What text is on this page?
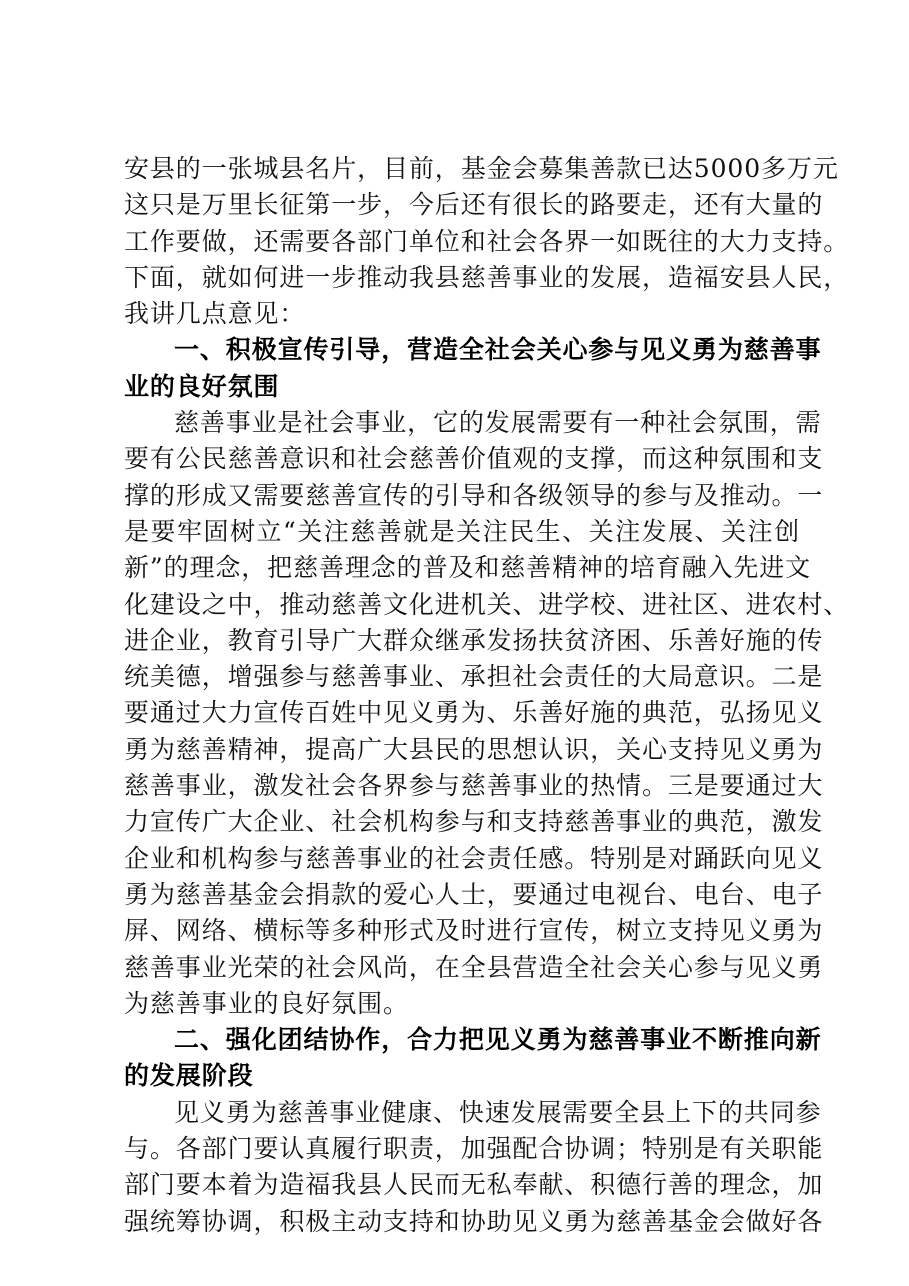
安县的一张城县名片，目前，基金会募集善款已达5000多万元
这只是万里长征第一步，今后还有很长的路要走，还有大量的
工作要做，还需要各部门单位和社会各界一如既往的大力支持。
下面，就如何进一步推动我县慈善事业的发展，造福安县人民，
我讲几点意见：
一、积极宣传引导，营造全社会关心参与见义勇为慈善事
业的良好氛围
慈善事业是社会事业，它的发展需要有一种社会氛围，需
要有公民慈善意识和社会慈善价值观的支撑，而这种氛围和支
撑的形成又需要慈善宣传的引导和各级领导的参与及推动。一
是要牢固树立“关注慈善就是关注民生、关注发展、关注创
新”的理念，把慈善理念的普及和慈善精神的培育融入先进文
化建设之中，推动慈善文化进机关、进学校、进社区、进农村、
进企业，教育引导广大群众继承发扬扶贫济困、乐善好施的传
统美德，增强参与慈善事业、承担社会责任的大局意识。二是
要通过大力宣传百姓中见义勇为、乐善好施的典范，弘扬见义
勇为慈善精神，提高广大县民的思想认识，关心支持见义勇为
慈善事业，激发社会各界参与慈善事业的热情。三是要通过大
力宣传广大企业、社会机构参与和支持慈善事业的典范，激发
企业和机构参与慈善事业的社会责任感。特别是对踊跃向见义
勇为慈善基金会捐款的爱心人士，要通过电视台、电台、电子
屏、网络、横标等多种形式及时进行宣传，树立支持见义勇为
慈善事业光荣的社会风尚，在全县营造全社会关心参与见义勇
为慈善事业的良好氛围。
二、强化团结协作，合力把见义勇为慈善事业不断推向新
的发展阶段
见义勇为慈善事业健康、快速发展需要全县上下的共同参
与。各部门要认真履行职责，加强配合协调；特别是有关职能
部门要本着为造福我县人民而无私奉献、积德行善的理念，加
强统筹协调，积极主动支持和协助见义勇为慈善基金会做好各
